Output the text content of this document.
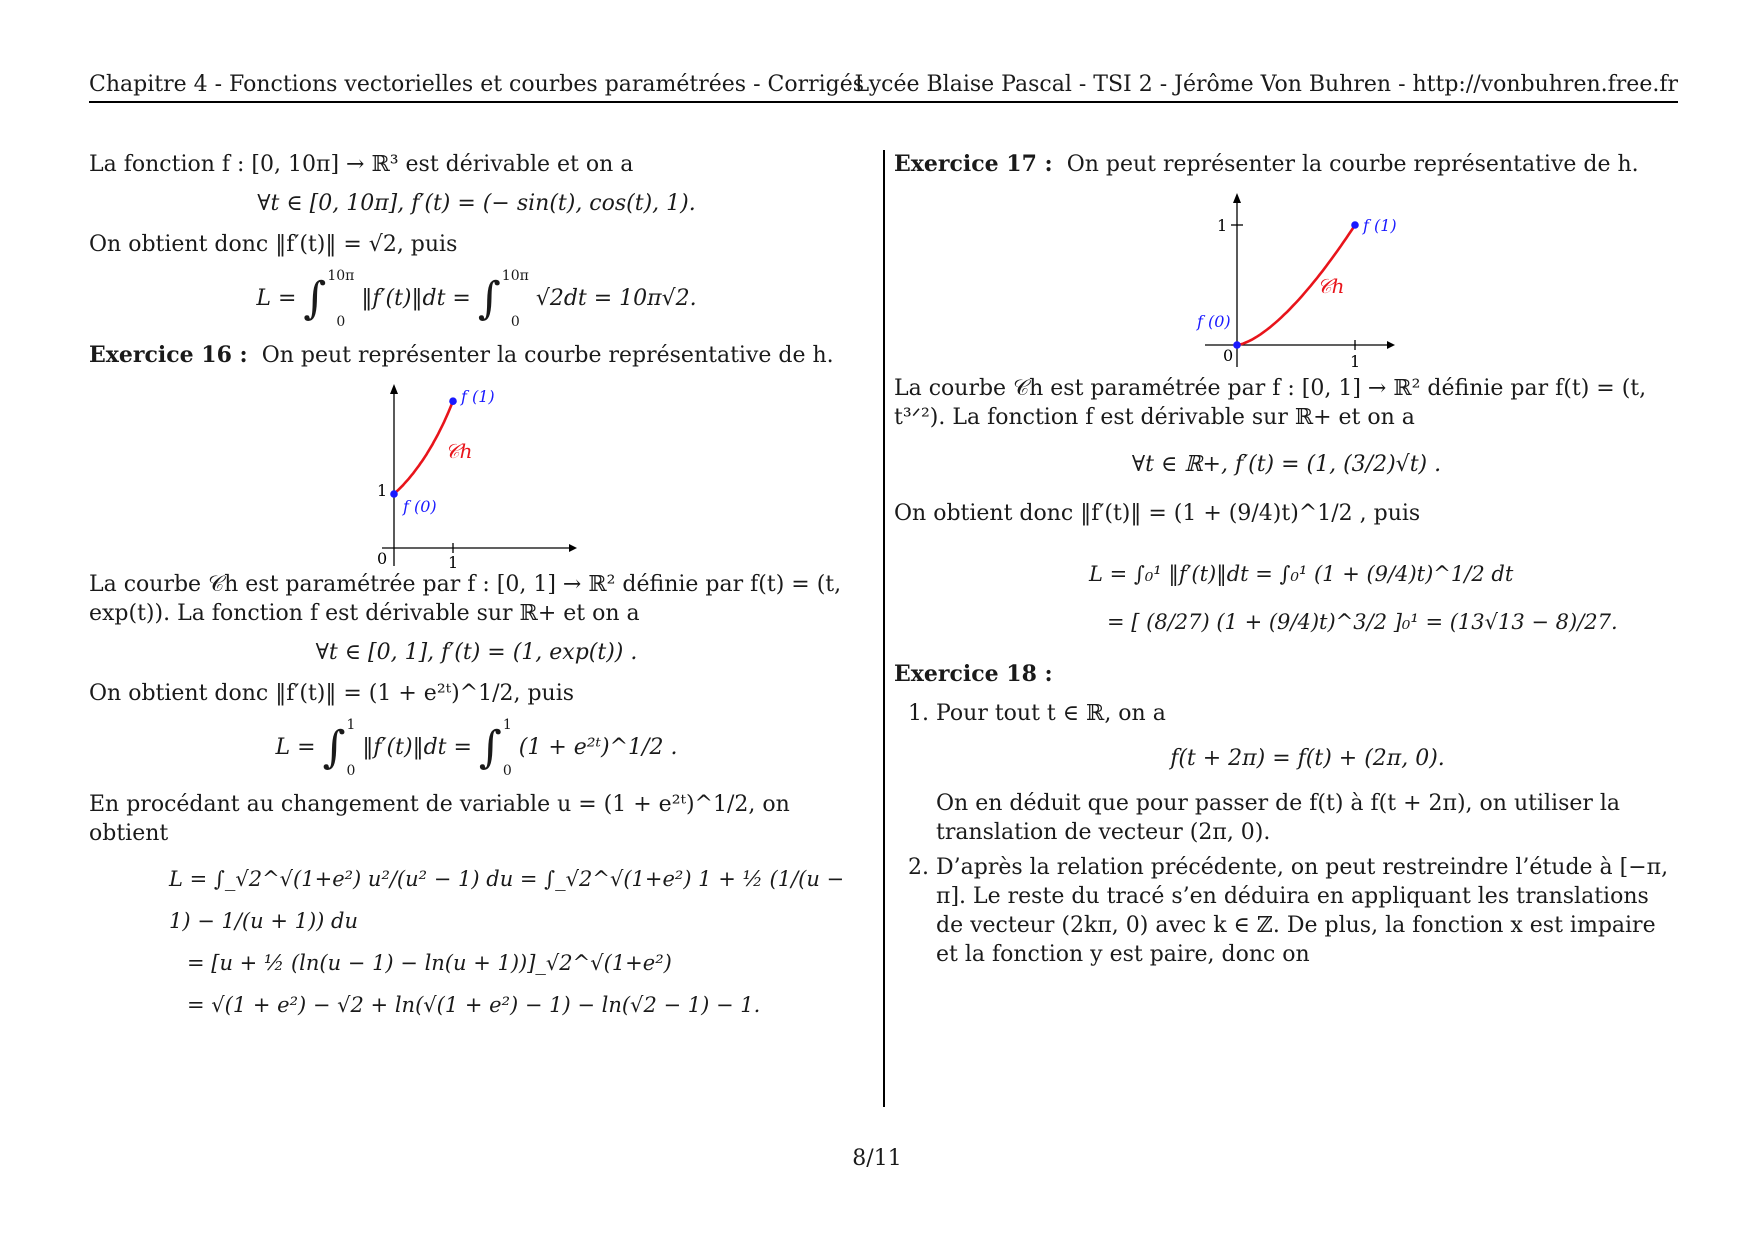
Chapitre 4 - Fonctions vectorielles et courbes paramétrées - Corrigés
Lycée Blaise Pascal - TSI 2 - Jérôme Von Buhren - http://vonbuhren.free.fr

La fonction f : [0, 10π] → ℝ³ est dérivable et on a

∀t ∈ [0, 10π], f′(t) = (− sin(t), cos(t), 1).

On obtient donc ‖f′(t)‖ = √2, puis

L = ∫ 10π
0
‖f′(t)‖dt = ∫ 10π
0
√2dt = 10π√2.

Exercice 16 : On peut représenter la courbe représentative de h.

f (0)
f (1)
𝒞h
0	1
1

La courbe 𝒞h est paramétrée par f : [0, 1] → ℝ² définie par f(t) = (t, exp(t)). La fonction f est dérivable sur ℝ+ et on a

∀t ∈ [0, 1], f′(t) = (1, exp(t)) .

On obtient donc ‖f′(t)‖ = (1 + e²ᵗ)^1/2, puis

L = ∫ 1
0
‖f′(t)‖dt = ∫ 1
0
(1 + e²ᵗ)^1/2 .

En procédant au changement de variable u = (1 + e²ᵗ)^1/2, on obtient

L = ∫_√2^√(1+e²) u²/(u² − 1) du = ∫_√2^√(1+e²) 1 + ½ (1/(u − 1) − 1/(u + 1)) du
= [u + ½ (ln(u − 1) − ln(u + 1))]_√2^√(1+e²)
= √(1 + e²) − √2 + ln(√(1 + e²) − 1) − ln(√2 − 1) − 1.

Exercice 17 : On peut représenter la courbe représentative de h.

f (0)
f (1)
𝒞h
0	1
1

La courbe 𝒞h est paramétrée par f : [0, 1] → ℝ² définie par f(t) = (t, t³ᐟ²). La fonction f est dérivable sur ℝ+ et on a

∀t ∈ ℝ+, f′(t) = (1, (3/2)√t) .

On obtient donc ‖f′(t)‖ = (1 + (9/4)t)^1/2 , puis

L = ∫₀¹ ‖f′(t)‖dt = ∫₀¹ (1 + (9/4)t)^1/2 dt
= [ (8/27) (1 + (9/4)t)^3/2 ]₀¹ = (13√13 − 8)/27.

Exercice 18 :

1. Pour tout t ∈ ℝ, on a
f(t + 2π) = f(t) + (2π, 0).
On en déduit que pour passer de f(t) à f(t + 2π), on utiliser la translation de vecteur (2π, 0).
2. D’après la relation précédente, on peut restreindre l’étude à [−π, π]. Le reste du tracé s’en déduira en appliquant les translations de vecteur (2kπ, 0) avec k ∈ ℤ. De plus, la fonction x est impaire et la fonction y est paire, donc on
8/11
